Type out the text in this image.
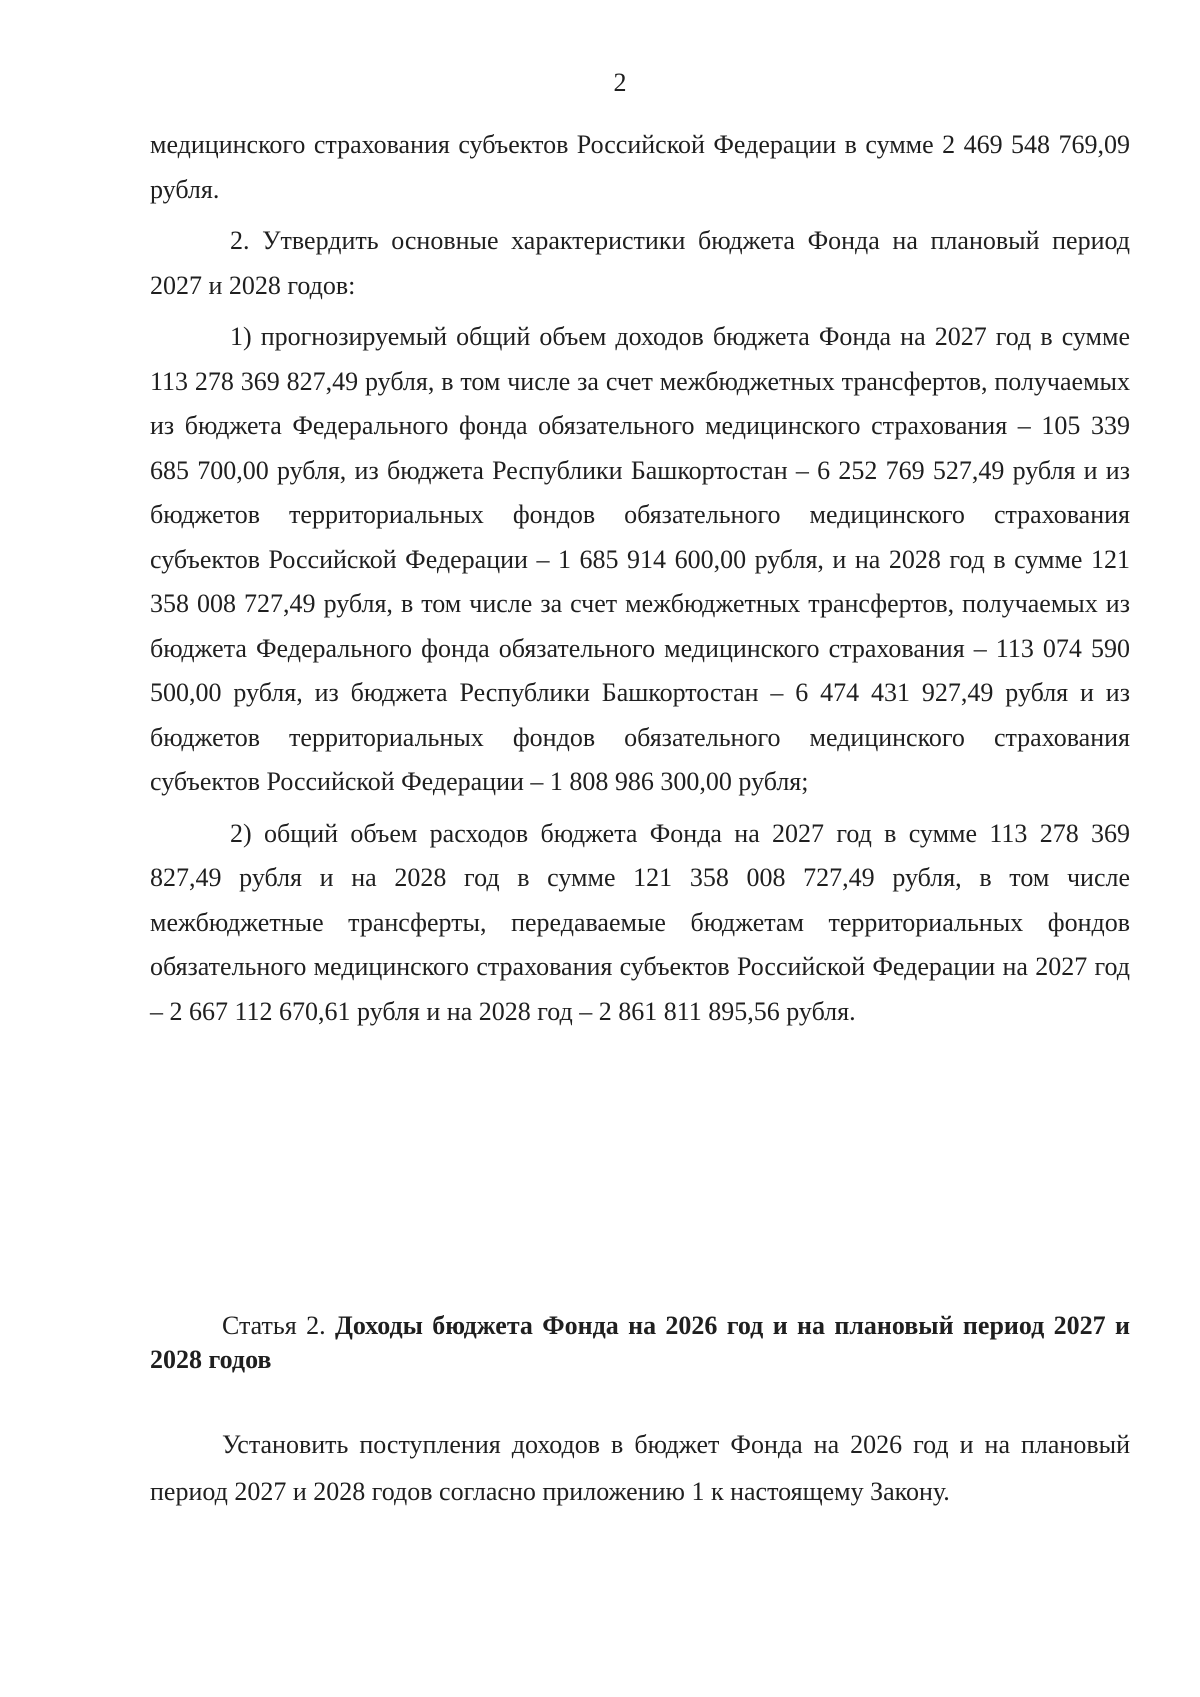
2

медицинского страхования субъектов Российской Федерации в сумме 2 469 548 769,09 рубля.

2. Утвердить основные характеристики бюджета Фонда на плановый период 2027 и 2028 годов:

1) прогнозируемый общий объем доходов бюджета Фонда на 2027 год в сумме 113 278 369 827,49 рубля, в том числе за счет межбюджетных трансфертов, получаемых из бюджета Федерального фонда обязательного медицинского страхования – 105 339 685 700,00 рубля, из бюджета Республики Башкортостан – 6 252 769 527,49 рубля и из бюджетов территориальных фондов обязательного медицинского страхования субъектов Российской Федерации – 1 685 914 600,00 рубля, и на 2028 год в сумме 121 358 008 727,49 рубля, в том числе за счет межбюджетных трансфертов, получаемых из бюджета Федерального фонда обязательного медицинского страхования – 113 074 590 500,00 рубля, из бюджета Республики Башкортостан – 6 474 431 927,49 рубля и из бюджетов территориальных фондов обязательного медицинского страхования субъектов Российской Федерации – 1 808 986 300,00 рубля;

2) общий объем расходов бюджета Фонда на 2027 год в сумме 113 278 369 827,49 рубля и на 2028 год в сумме 121 358 008 727,49 рубля, в том числе межбюджетные трансферты, передаваемые бюджетам территориальных фондов обязательного медицинского страхования субъектов Российской Федерации на 2027 год – 2 667 112 670,61 рубля и на 2028 год – 2 861 811 895,56 рубля.

Статья 2. Доходы бюджета Фонда на 2026 год и на плановый период 2027 и 2028 годов

Установить поступления доходов в бюджет Фонда на 2026 год и на плановый период 2027 и 2028 годов согласно приложению 1 к настоящему Закону.
